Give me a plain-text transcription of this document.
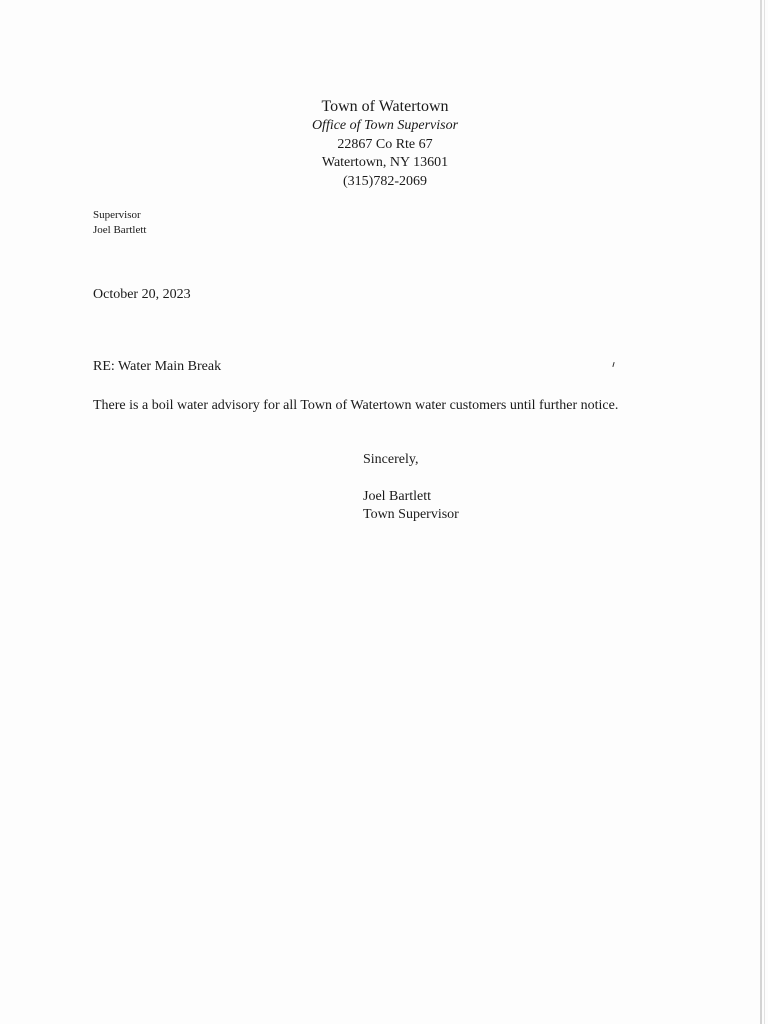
Town of Watertown
Office of Town Supervisor
22867 Co Rte 67
Watertown, NY 13601
(315)782-2069
Supervisor
Joel Bartlett
October 20, 2023
RE: Water Main Break
There is a boil water advisory for all Town of Watertown water customers until further notice.
Sincerely,
Joel Bartlett
Town Supervisor
